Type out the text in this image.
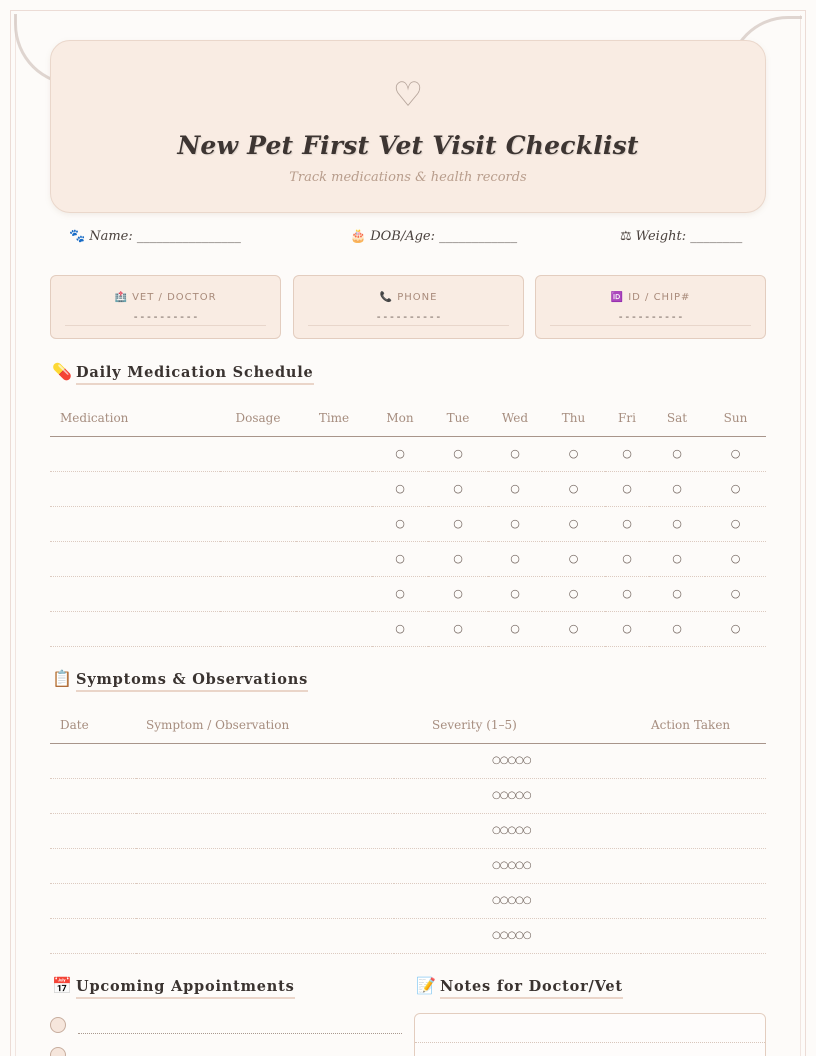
♡
New Pet First Vet Visit Checklist
Track medications & health records
🐾 Name: ________________	🎂 DOB/Age: ____________	⚖ Weight: ________
🏥 VET / DOCTOR
----------
📞 PHONE
----------
🆔 ID / CHIP#
----------
💊 Daily Medication Schedule
Medication	Dosage	Time	Mon	Tue	Wed	Thu	Fri	Sat	Sun
			○	○	○	○	○	○	○
			○	○	○	○	○	○	○
			○	○	○	○	○	○	○
			○	○	○	○	○	○	○
			○	○	○	○	○	○	○
			○	○	○	○	○	○	○
📋 Symptoms & Observations
Date	Symptom / Observation	Severity (1–5)	Action Taken
		○○○○○	
		○○○○○	
		○○○○○	
		○○○○○	
		○○○○○	
		○○○○○	
📅 Upcoming Appointments	📝 Notes for Doctor/Vet
